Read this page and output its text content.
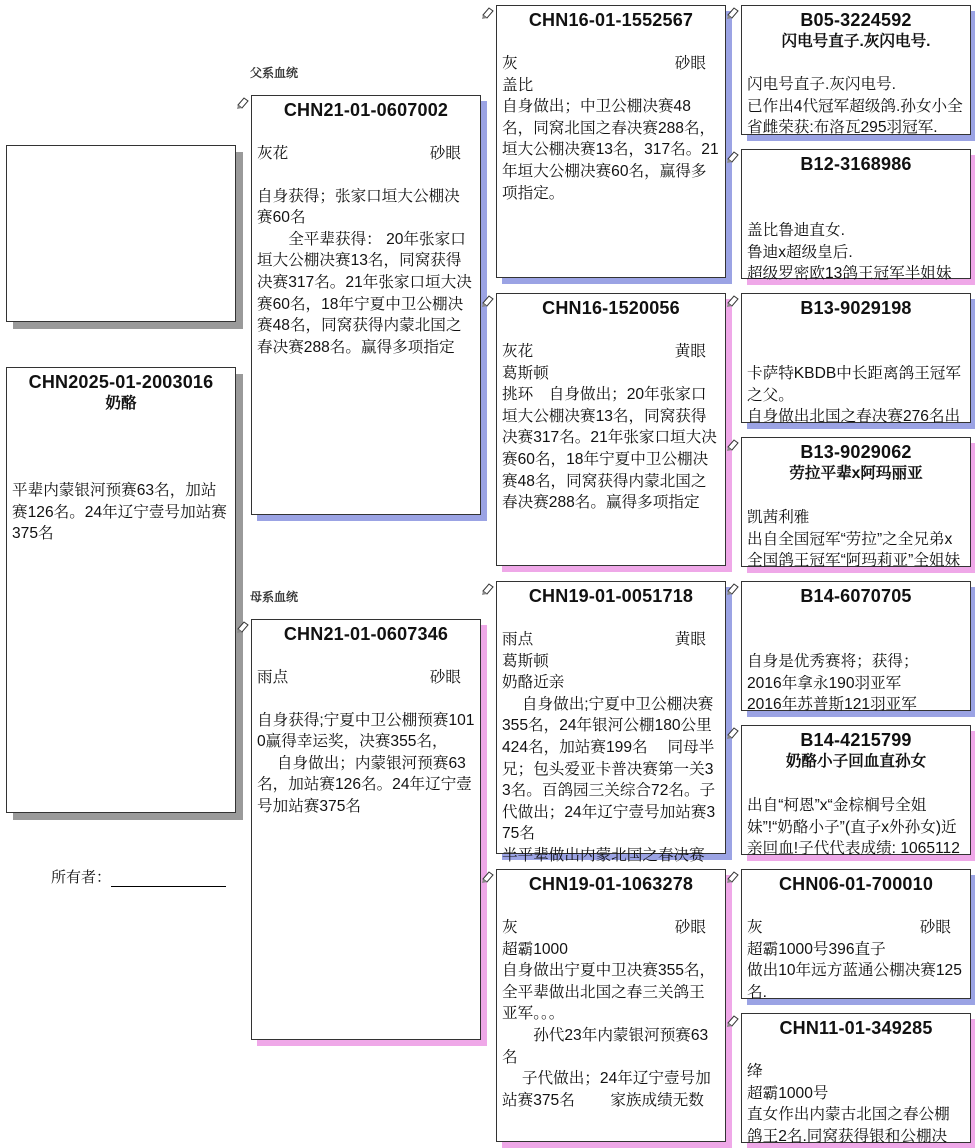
父系血统
母系血统
所有者：
CHN2025-01-2003016
奶酪
平辈内蒙银河预赛63名，加站赛126名。24年辽宁壹号加站赛375名
CHN21-01-0607002
灰花	砂眼
自身获得；张家口垣大公棚决赛60名
　　全平辈获得： 20年张家口垣大公棚决赛13名，同窝获得决赛317名。21年张家口垣大决赛60名，18年宁夏中卫公棚决赛48名，同窝获得内蒙北国之春决赛288名。赢得多项指定
CHN21-01-0607346
雨点	砂眼
自身获得;宁夏中卫公棚预赛1010赢得幸运奖，决赛355名，
　 自身做出；内蒙银河预赛63名，加站赛126名。24年辽宁壹号加站赛375名
CHN16-01-1552567
灰	砂眼
盖比
自身做出；中卫公棚决赛48名，同窝北国之春决赛288名，垣大公棚决赛13名，317名。21年垣大公棚决赛60名，赢得多项指定。
CHN16-1520056
灰花	黄眼
葛斯顿
挑环　自身做出；20年张家口垣大公棚决赛13名，同窝获得决赛317名。21年张家口垣大决赛60名，18年宁夏中卫公棚决赛48名，同窝获得内蒙北国之春决赛288名。赢得多项指定
CHN19-01-0051718
雨点	黄眼
葛斯顿
奶酪近亲
　 自身做出;宁夏中卫公棚决赛355名，24年银河公棚180公里424名，加站赛199名　 同母半兄；包头爱亚卡普决赛第一关33名。百鸽园三关综合72名。子代做出；24年辽宁壹号加站赛375名
半平辈做出内蒙北国之春决赛
CHN19-01-1063278
灰	砂眼
超霸1000
自身做出宁夏中卫决赛355名，全平辈做出北国之春三关鸽王亚军。。。
　　孙代23年内蒙银河预赛63名
　 子代做出；24年辽宁壹号加站赛375名　　 家族成绩无数
B05-3224592
闪电号直子.灰闪电号.
闪电号直子.灰闪电号.
已作出4代冠军超级鸽.孙女小全省雌荣获:布洛瓦295羽冠军.
B12-3168986
盖比鲁迪直女.
鲁迪x超级皇后.
超级罗密欧13鸽王冠军半姐妹
B13-9029198
卡萨特KBDB中长距离鸽王冠军之父。
自身做出北国之春决赛276名出
B13-9029062
劳拉平辈x阿玛丽亚
凯茜利雅
出自全国冠军“劳拉”之全兄弟x全国鸽王冠军“阿玛莉亚”全姐妹
B14-6070705
自身是优秀赛将；获得；
2016年拿永190羽亚军
2016年苏普斯121羽亚军
B14-4215799
奶酪小子回血直孙女
出自“柯恩”x“金棕榈号全姐妹”!“奶酪小子”(直子x外孙女)近亲回血!子代代表成绩: 1065112
CHN06-01-700010
灰	砂眼
超霸1000号396直子
做出10年远方蓝通公棚决赛125名.
CHN11-01-349285
绛
超霸1000号
直女作出内蒙古北国之春公棚鸽王2名.同窝获得银和公棚决
